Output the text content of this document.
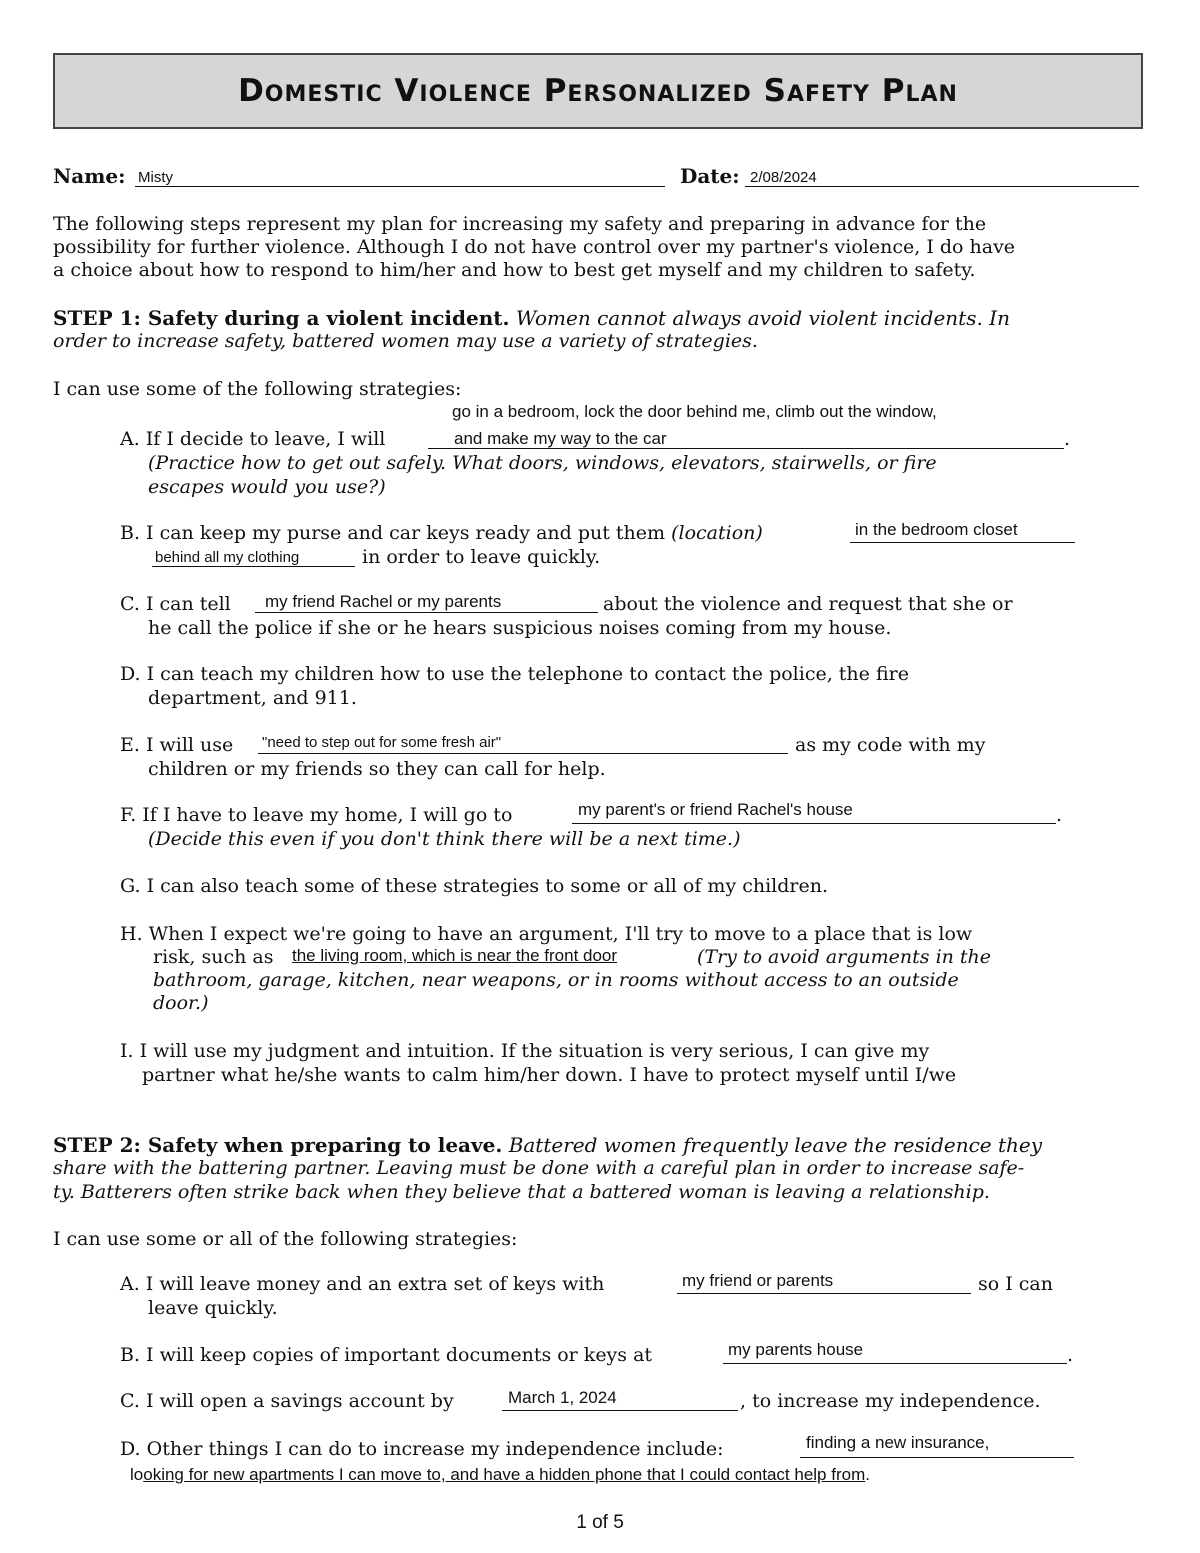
Domestic Violence Personalized Safety Plan
Name: Misty	Date: 2/08/2024
The following steps represent my plan for increasing my safety and preparing in advance for the
possibility for further violence. Although I do not have control over my partner's violence, I do have
a choice about how to respond to him/her and how to best get myself and my children to safety.
STEP 1: Safety during a violent incident. Women cannot always avoid violent incidents. In
order to increase safety, battered women may use a variety of strategies.
I can use some of the following strategies:
go in a bedroom, lock the door behind me, climb out the window,
A. If I decide to leave, I will	and make my way to the car	.
(Practice how to get out safely. What doors, windows, elevators, stairwells, or fire
escapes would you use?)
B. I can keep my purse and car keys ready and put them (location)	in the bedroom closet
behind all my clothing	in order to leave quickly.
C. I can tell my friend Rachel or my parents	about the violence and request that she or
he call the police if she or he hears suspicious noises coming from my house.
D. I can teach my children how to use the telephone to contact the police, the fire
department, and 911.
E. I will use "need to step out for some fresh air"	as my code with my
children or my friends so they can call for help.
F. If I have to leave my home, I will go to	my parent's or friend Rachel's house	.
(Decide this even if you don't think there will be a next time.)
G. I can also teach some of these strategies to some or all of my children.
H. When I expect we're going to have an argument, I'll try to move to a place that is low
risk, such as the living room, which is near the front door	(Try to avoid arguments in the
bathroom, garage, kitchen, near weapons, or in rooms without access to an outside
door.)
I. I will use my judgment and intuition. If the situation is very serious, I can give my
partner what he/she wants to calm him/her down. I have to protect myself until I/we
STEP 2: Safety when preparing to leave. Battered women frequently leave the residence they
share with the battering partner. Leaving must be done with a careful plan in order to increase safe-
ty. Batterers often strike back when they believe that a battered woman is leaving a relationship.
I can use some or all of the following strategies:
A. I will leave money and an extra set of keys with	my friend or parents	so I can
leave quickly.
B. I will keep copies of important documents or keys at	my parents house	.
C. I will open a savings account by	March 1, 2024	, to increase my independence.
D. Other things I can do to increase my independence include:	finding a new insurance,
looking for new apartments I can move to, and have a hidden phone that I could contact help from.
1 of 5
